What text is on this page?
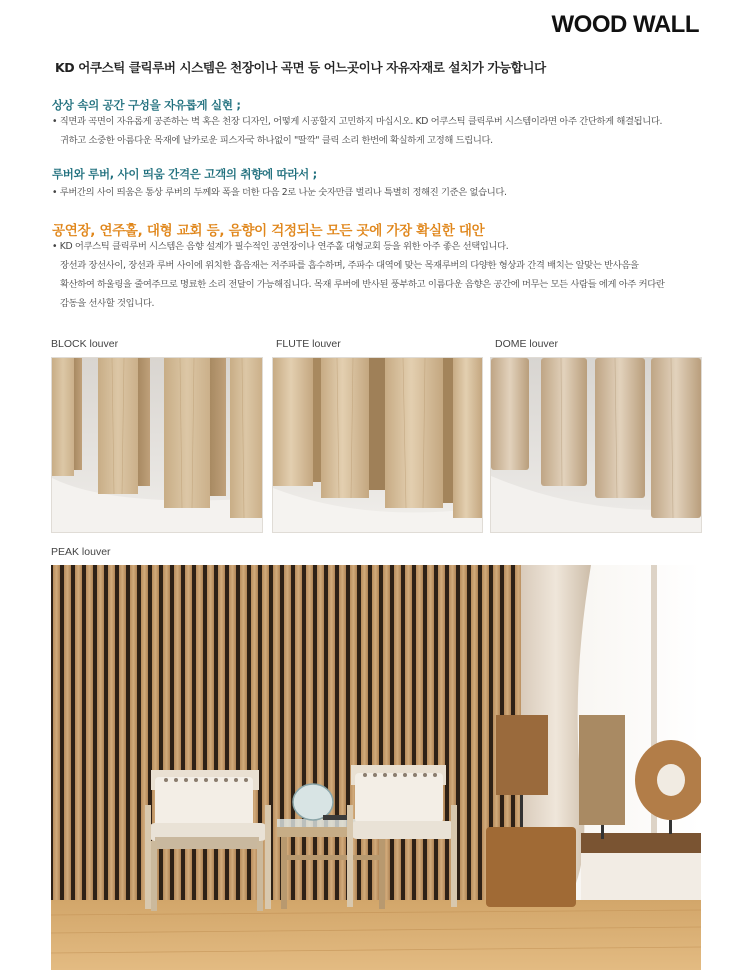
WOOD WALL
KD 어쿠스틱 클릭루버 시스템은 천장이나 곡면 등 어느곳이나 자유자재로 설치가 가능합니다
상상 속의 공간 구성을 자유롭게 실현 ;
• 직면과 곡면이 자유롭게 공존하는 벽 혹은 천장 디자인, 어떻게 시공할지 고민하지 마십시오. KD 어쿠스틱 클릭루버 시스템이라면 아주 간단하게 해결됩니다.
귀하고 소중한 아름다운 목재에 날카로운 피스자국 하나없이 "딸깍" 클릭 소리 한번에 확실하게 고정해 드립니다.
루버와 루버, 사이 띄움 간격은 고객의 취향에 따라서 ;
• 루버간의 사이 띄움은 통상 루버의 두께와 폭을 더한 다음 2로 나눈 숫자만큼 벌리나 특별히 정해진 기준은 없습니다.
공연장, 연주홀, 대형 교회 등, 음향이 걱정되는 모든 곳에 가장 확실한 대안
• KD 어쿠스틱 클릭루버 시스템은 음향 설계가 필수적인 공연장이나 연주홀 대형교회 등을 위한 아주 좋은 선택입니다.
장선과 장선사이, 장선과 루버 사이에 위치한 흡음재는 저주파를 흡수하며, 주파수 대역에 맞는 목재루버의 다양한 형상과 간격 배치는 알맞는 반사음을
확산하여 하울링을 줄여주므로 명료한 소리 전달이 가능해집니다. 목재 루버에 반사된 풍부하고 이름다운 음향은 공간에 머무는 모든 사람들 에게 아주 커다란
감동을 선사할 것입니다.
BLOCK louver	FLUTE louver	DOME louver
PEAK louver
